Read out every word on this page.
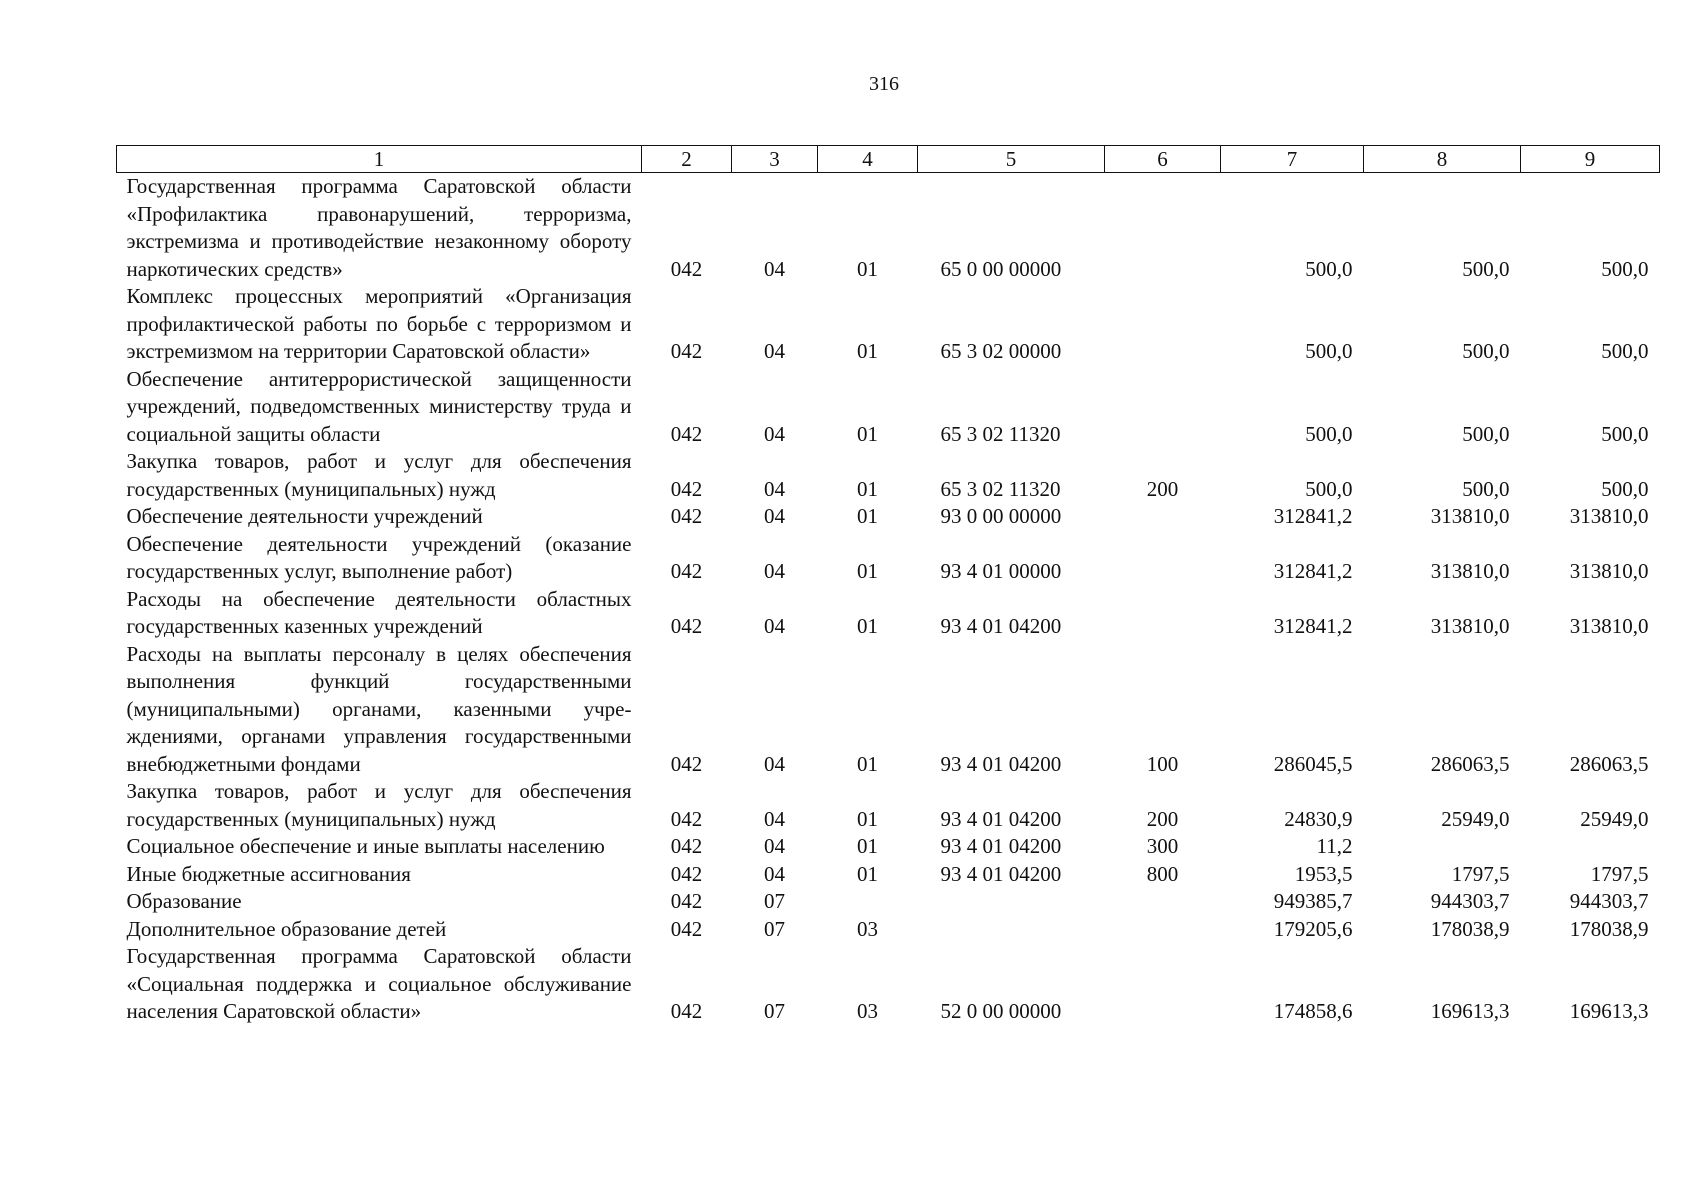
316
1	2	3	4	5	6	7	8	9
Государственная программа Саратовской области «Профилактика правонарушений, терроризма, экстремизма и противодействие незаконному обороту наркотических средств»	042	04	01	65 0 00 00000		500,0	500,0	500,0
Комплекс процессных мероприятий «Организация профилактической работы по борьбе с терроризмом и экстремизмом на территории Саратовской области»	042	04	01	65 3 02 00000		500,0	500,0	500,0
Обеспечение антитеррористической защищенности учреждений, подведомственных министерству труда и социальной защиты области	042	04	01	65 3 02 11320		500,0	500,0	500,0
Закупка товаров, работ и услуг для обеспечения государственных (муниципальных) нужд	042	04	01	65 3 02 11320	200	500,0	500,0	500,0
Обеспечение деятельности учреждений	042	04	01	93 0 00 00000		312841,2	313810,0	313810,0
Обеспечение деятельности учреждений (оказание государственных услуг, выполнение работ)	042	04	01	93 4 01 00000		312841,2	313810,0	313810,0
Расходы на обеспечение деятельности областных государственных казенных учреждений	042	04	01	93 4 01 04200		312841,2	313810,0	313810,0
Расходы на выплаты персоналу в целях обеспечения выполнения функций государственными (муниципальными) органами, казенными учреждениями, органами управления государственными внебюджетными фондами	042	04	01	93 4 01 04200	100	286045,5	286063,5	286063,5
Закупка товаров, работ и услуг для обеспечения государственных (муниципальных) нужд	042	04	01	93 4 01 04200	200	24830,9	25949,0	25949,0
Социальное обеспечение и иные выплаты населению	042	04	01	93 4 01 04200	300	11,2		
Иные бюджетные ассигнования	042	04	01	93 4 01 04200	800	1953,5	1797,5	1797,5
Образование	042	07				949385,7	944303,7	944303,7
Дополнительное образование детей	042	07	03			179205,6	178038,9	178038,9
Государственная программа Саратовской области «Социальная поддержка и социальное обслуживание населения Саратовской области»	042	07	03	52 0 00 00000		174858,6	169613,3	169613,3
